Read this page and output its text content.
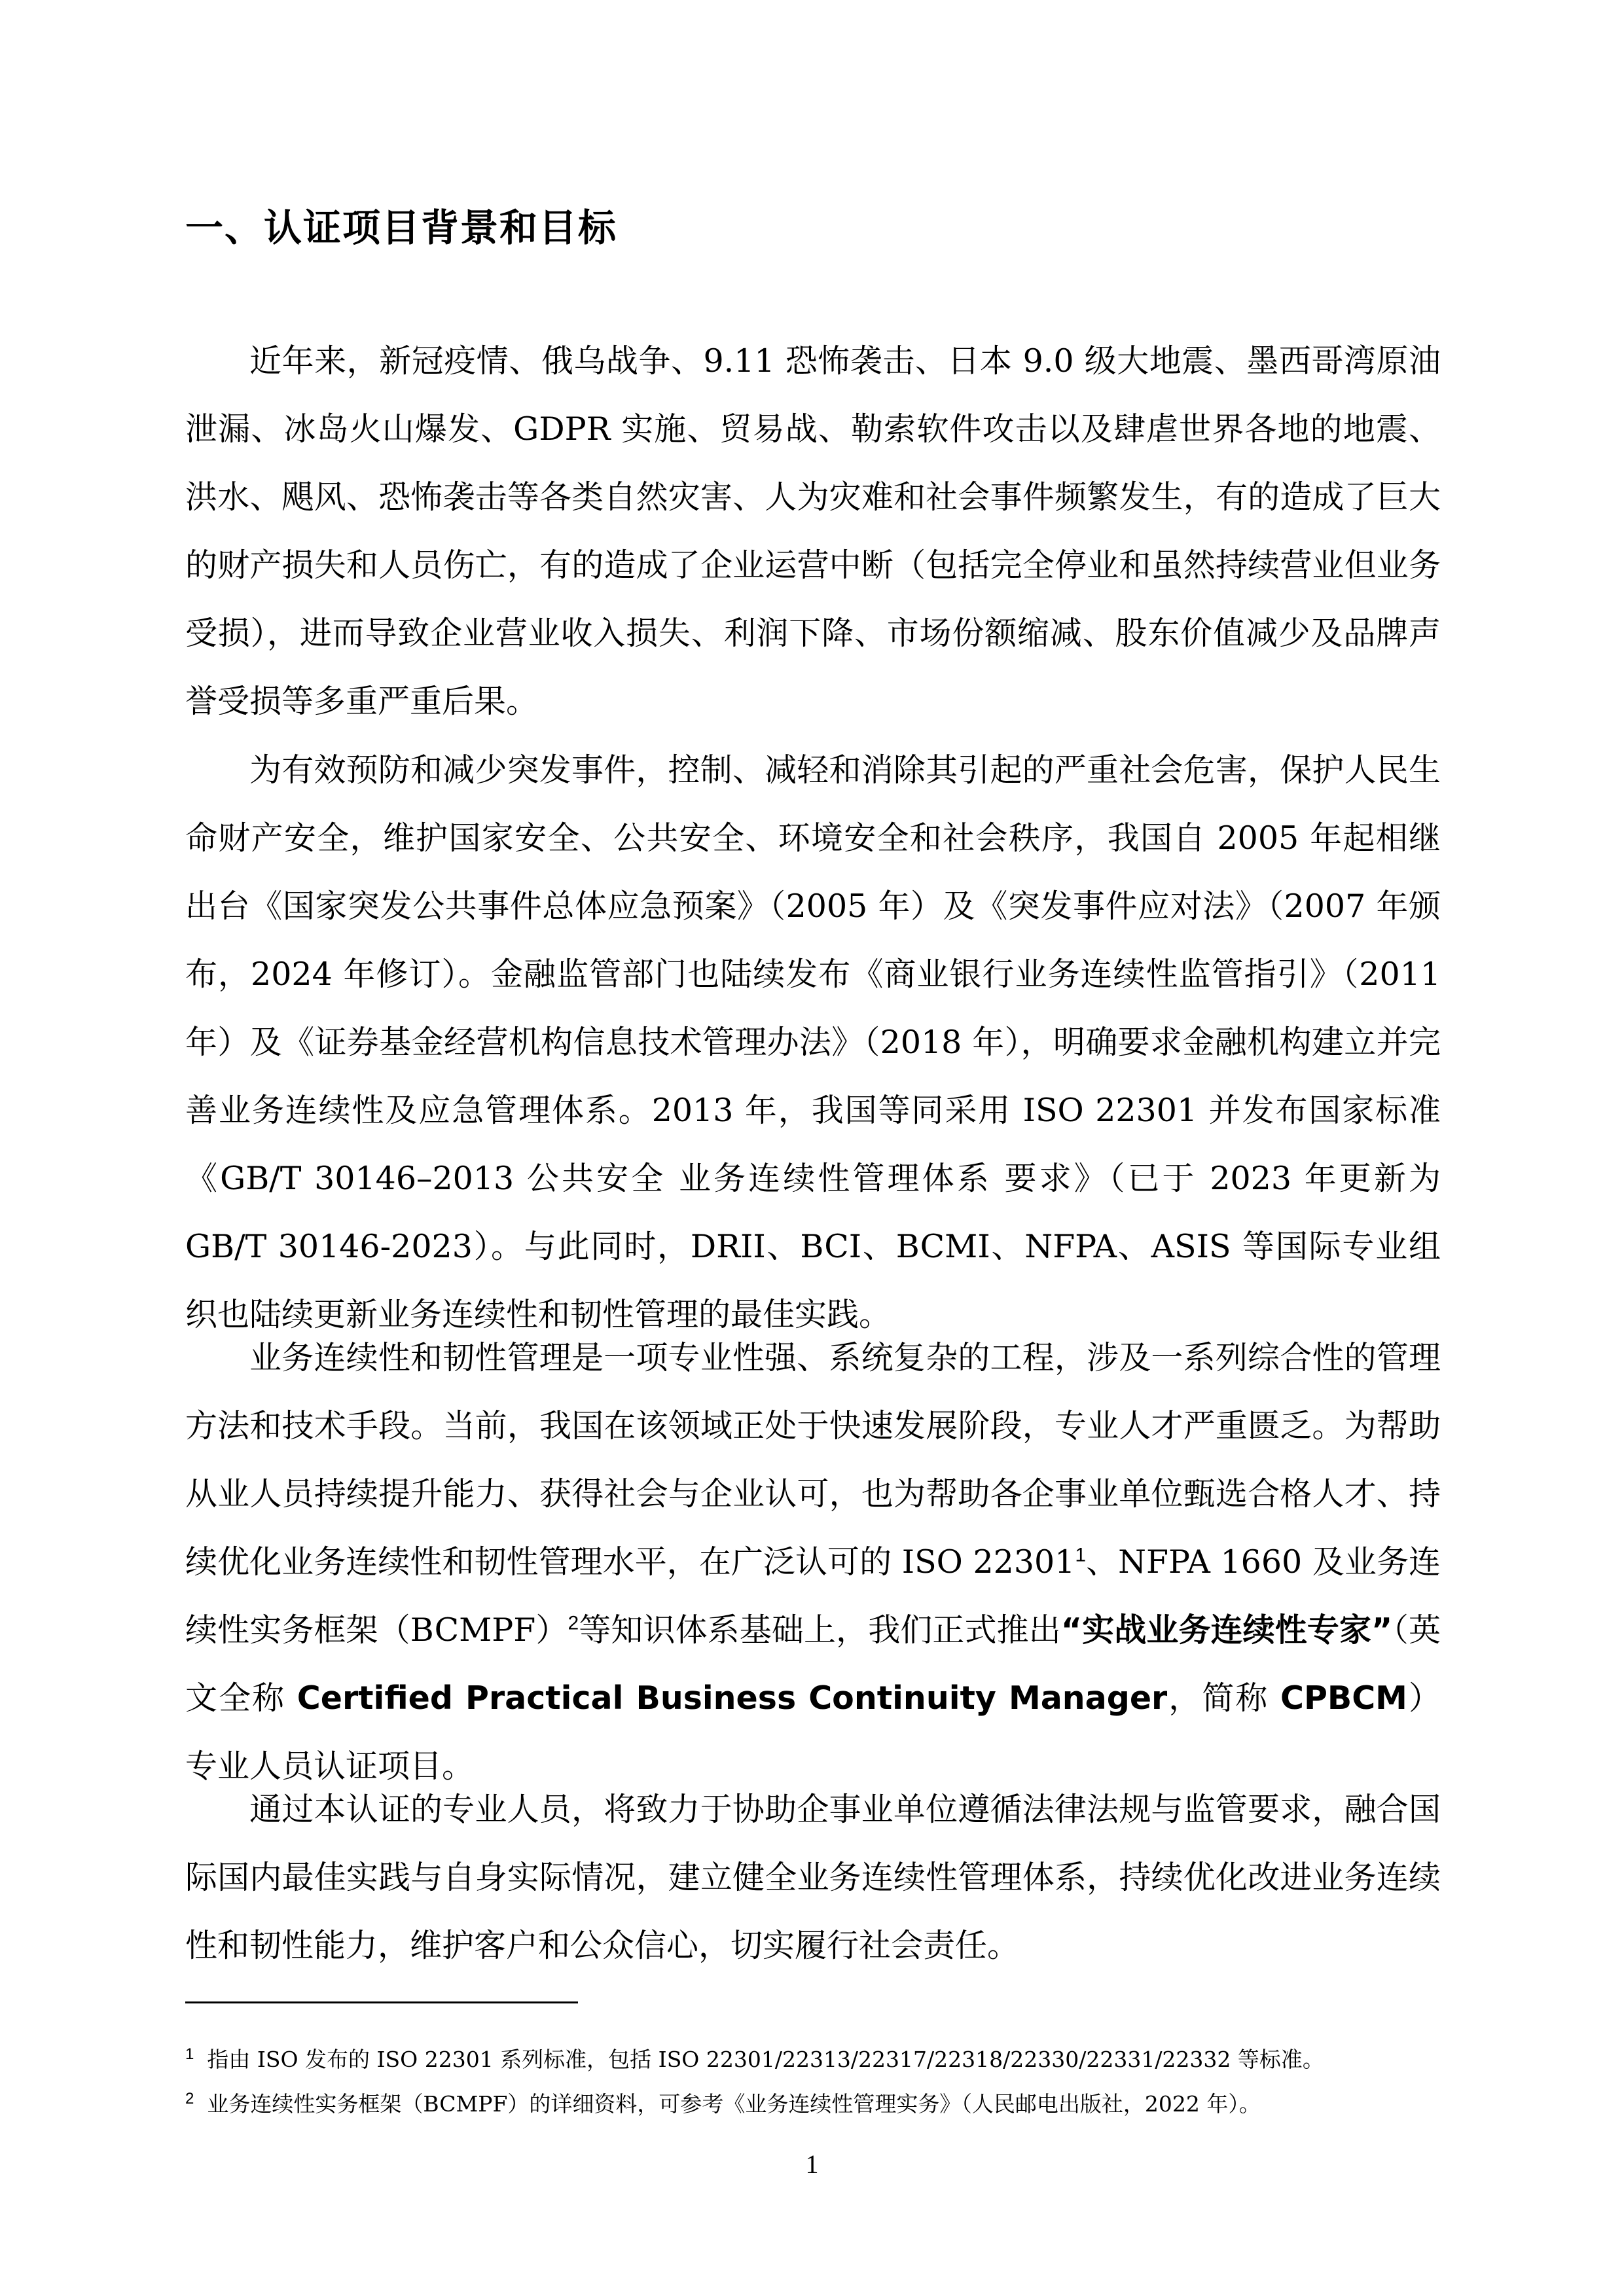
一、认证项目背景和目标

近年来，新冠疫情、俄乌战争、9.11 恐怖袭击、日本 9.0 级大地震、墨西哥湾原油泄漏、冰岛火山爆发、GDPR 实施、贸易战、勒索软件攻击以及肆虐世界各地的地震、洪水、飓风、恐怖袭击等各类自然灾害、人为灾难和社会事件频繁发生，有的造成了巨大的财产损失和人员伤亡，有的造成了企业运营中断（包括完全停业和虽然持续营业但业务受损），进而导致企业营业收入损失、利润下降、市场份额缩减、股东价值减少及品牌声誉受损等多重严重后果。

为有效预防和减少突发事件，控制、减轻和消除其引起的严重社会危害，保护人民生命财产安全，维护国家安全、公共安全、环境安全和社会秩序，我国自 2005 年起相继出台《国家突发公共事件总体应急预案》（2005 年）及《突发事件应对法》（2007 年颁布，2024 年修订）。金融监管部门也陆续发布《商业银行业务连续性监管指引》（2011 年）及《证券基金经营机构信息技术管理办法》（2018 年），明确要求金融机构建立并完善业务连续性及应急管理体系。2013 年，我国等同采用 ISO 22301 并发布国家标准《GB/T 30146–2013 公共安全 业务连续性管理体系 要求》（已于 2023 年更新为 GB/T 30146-2023）。与此同时，DRII、BCI、BCMI、NFPA、ASIS 等国际专业组织也陆续更新业务连续性和韧性管理的最佳实践。

业务连续性和韧性管理是一项专业性强、系统复杂的工程，涉及一系列综合性的管理方法和技术手段。当前，我国在该领域正处于快速发展阶段，专业人才严重匮乏。为帮助从业人员持续提升能力、获得社会与企业认可，也为帮助各企事业单位甄选合格人才、持续优化业务连续性和韧性管理水平，在广泛认可的 ISO 22301$^1$、NFPA 1660 及业务连续性实务框架（BCMPF）$^2$等知识体系基础上，我们正式推出“实战业务连续性专家”（英文全称 Certified Practical Business Continuity Manager，简称 CPBCM）专业人员认证项目。

通过本认证的专业人员，将致力于协助企事业单位遵循法律法规与监管要求，融合国际国内最佳实践与自身实际情况，建立健全业务连续性管理体系，持续优化改进业务连续性和韧性能力，维护客户和公众信心，切实履行社会责任。

$^1$ 指由 ISO 发布的 ISO 22301 系列标准，包括 ISO 22301/22313/22317/22318/22330/22331/22332 等标准。

$^2$ 业务连续性实务框架（BCMPF）的详细资料，可参考《业务连续性管理实务》（人民邮电出版社，2022 年）。

1
